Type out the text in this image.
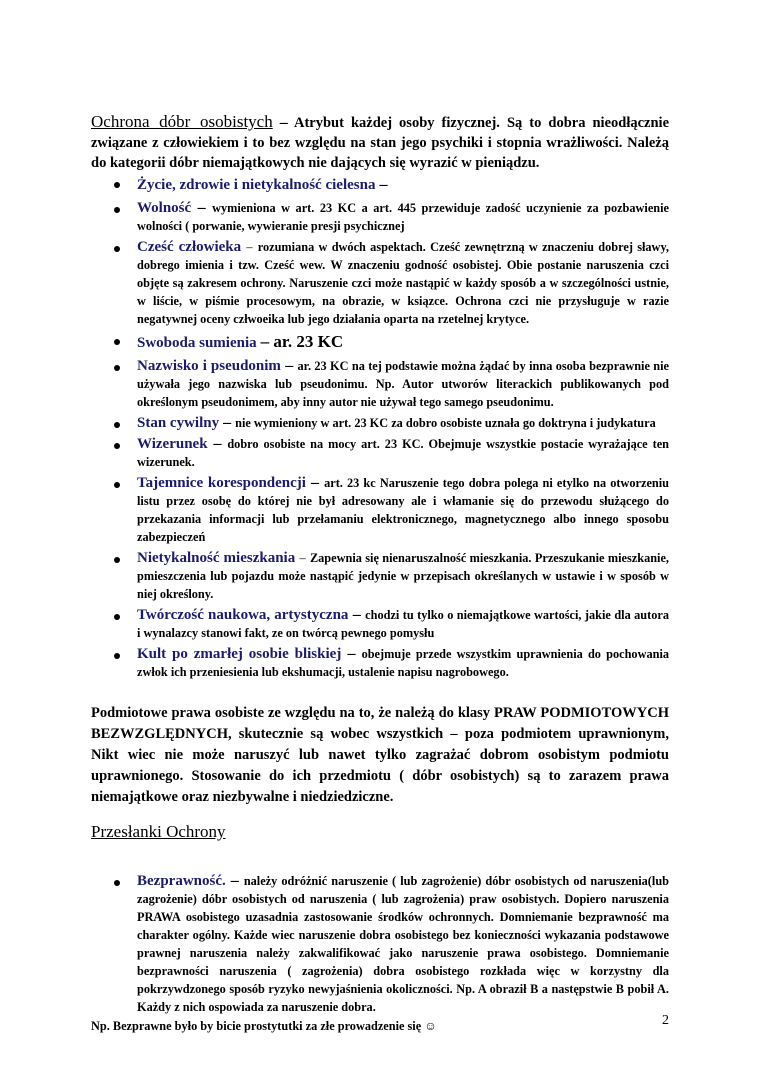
Ochrona dóbr osobistych – Atrybut każdej osoby fizycznej. Są to dobra nieodłącznie związane z człowiekiem i to bez względu na stan jego psychiki i stopnia wrażliwości. Należą do kategorii dóbr niemajątkowych nie dających się wyrazić w pieniądzu.

Życie, zdrowie i nietykalność cielesna –
Wolność – wymieniona w art. 23 KC a art. 445 przewiduje zadość uczynienie za pozbawienie wolności ( porwanie, wywieranie presji psychicznej
Cześć człowieka – rozumiana w dwóch aspektach. Cześć zewnętrzną w znaczeniu dobrej sławy, dobrego imienia i tzw. Cześć wew. W znaczeniu godność osobistej. Obie postanie naruszenia czci objęte są zakresem ochrony. Naruszenie czci może nastąpić w każdy sposób a w szczególności ustnie, w liście, w piśmie procesowym, na obrazie, w ksiązce. Ochrona czci nie przysługuje w razie negatywnej oceny człwoeika lub jego działania oparta na rzetelnej krytyce.
Swoboda sumienia – ar. 23 KC
Nazwisko i pseudonim – ar. 23 KC na tej podstawie można żądać by inna osoba bezprawnie nie używała jego nazwiska lub pseudonimu. Np. Autor utworów literackich publikowanych pod określonym pseudonimem, aby inny autor nie używał tego samego pseudonimu.
Stan cywilny – nie wymieniony w art. 23 KC za dobro osobiste uznała go doktryna i judykatura
Wizerunek – dobro osobiste na mocy art. 23 KC. Obejmuje wszystkie postacie wyrażające ten wizerunek.
Tajemnice korespondencji – art. 23 kc Naruszenie tego dobra polega ni etylko na otworzeniu listu przez osobę do której nie był adresowany ale i włamanie się do przewodu służącego do przekazania informacji lub przełamaniu elektronicznego, magnetycznego albo innego sposobu zabezpieczeń
Nietykalność mieszkania – Zapewnia się nienaruszalność mieszkania. Przeszukanie mieszkanie, pmieszczenia lub pojazdu może nastąpić jedynie w przepisach określanych w ustawie i w sposób w niej określony.
Twórczość naukowa, artystyczna – chodzi tu tylko o niemajątkowe wartości, jakie dla autora i wynalazcy stanowi fakt, ze on twórcą pewnego pomysłu
Kult po zmarłej osobie bliskiej – obejmuje przede wszystkim uprawnienia do pochowania zwłok ich przeniesienia lub ekshumacji, ustalenie napisu nagrobowego.

Podmiotowe prawa osobiste ze względu na to, że należą do klasy PRAW PODMIOTOWYCH BEZWZGLĘDNYCH, skutecznie są wobec wszystkich – poza podmiotem uprawnionym, Nikt wiec nie może naruszyć lub nawet tylko zagrażać dobrom osobistym podmiotu uprawnionego. Stosowanie do ich przedmiotu ( dóbr osobistych) są to zarazem prawa niemajątkowe oraz niezbywalne i niedziedziczne.

Przesłanki Ochrony

Bezprawność. – należy odróżnić naruszenie ( lub zagrożenie) dóbr osobistych od naruszenia(lub zagrożenie) dóbr osobistych od naruszenia ( lub zagrożenia) praw osobistych. Dopiero naruszenia PRAWA osobistego uzasadnia zastosowanie środków ochronnych. Domniemanie bezprawność ma charakter ogólny. Każde wiec naruszenie dobra osobistego bez konieczności wykazania podstawowe prawnej naruszenia należy zakwalifikować jako naruszenie prawa osobistego. Domniemanie bezprawności naruszenia ( zagrożenia) dobra osobistego rozkłada więc w korzystny dla pokrzywdzonego sposób ryzyko newyjaśnienia okoliczności. Np. A obraził B a następstwie B pobił A. Każdy z nich ospowiada za naruszenie dobra.

Np. Bezprawne było by bicie prostytutki za złe prowadzenie się ☺	2
